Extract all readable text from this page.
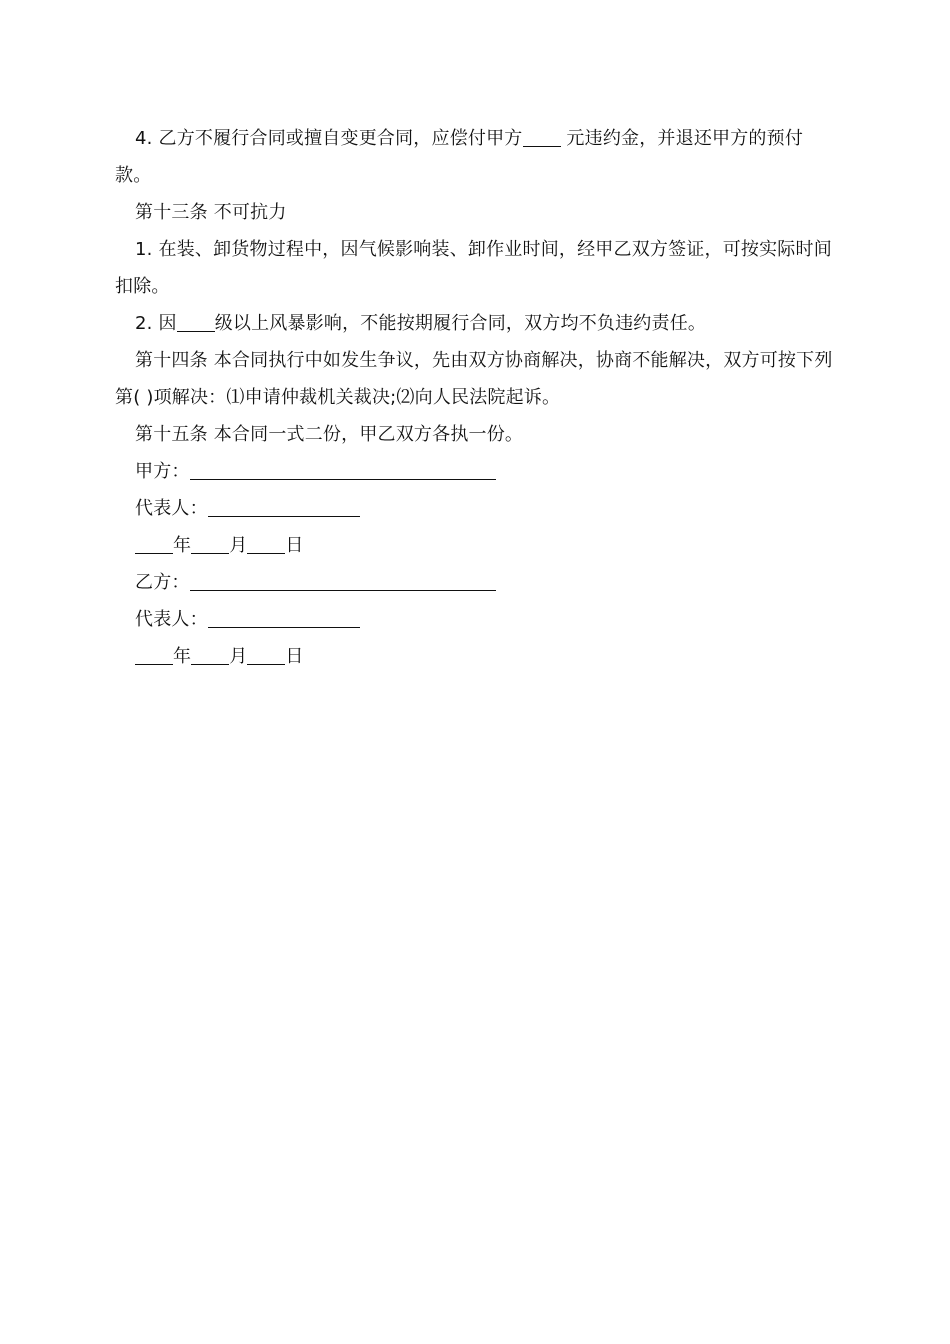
4. 乙方不履行合同或擅自变更合同，应偿付甲方 元违约金，并退还甲方的预付款。

第十三条 不可抗力

1. 在装、卸货物过程中，因气候影响装、卸作业时间，经甲乙双方签证，可按实际时间扣除。

2. 因 级以上风暴影响，不能按期履行合同，双方均不负违约责任。

第十四条 本合同执行中如发生争议，先由双方协商解决，协商不能解决，双方可按下列第( )项解决：⑴申请仲裁机关裁决;⑵向人民法院起诉。

第十五条 本合同一式二份，甲乙双方各执一份。

甲方：

代表人：

年 月 日

乙方：

代表人：

年 月 日
